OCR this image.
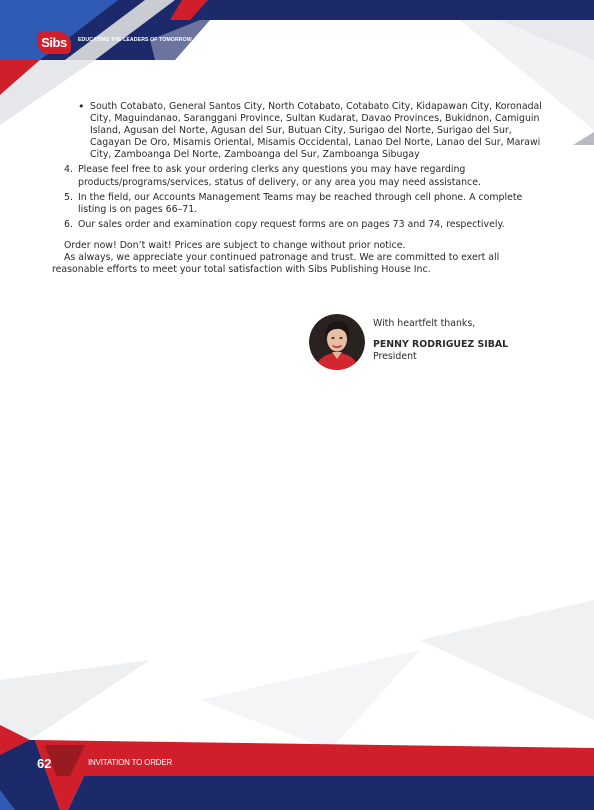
Sibs	EDUCATING THE LEADERS OF TOMORROW
• South Cotabato, General Santos City, North Cotabato, Cotabato City, Kidapawan City, Koronadal City, Maguindanao, Saranggani Province, Sultan Kudarat, Davao Provinces, Bukidnon, Camiguin Island, Agusan del Norte, Agusan del Sur, Butuan City, Surigao del Norte, Surigao del Sur, Cagayan De Oro, Misamis Oriental, Misamis Occidental, Lanao Del Norte, Lanao del Sur, Marawi City, Zamboanga Del Norte, Zamboanga del Sur, Zamboanga Sibugay
4. Please feel free to ask your ordering clerks any questions you may have regarding products/programs/services, status of delivery, or any area you may need assistance.
5. In the field, our Accounts Management Teams may be reached through cell phone. A complete listing is on pages 66–71.
6. Our sales order and examination copy request forms are on pages 73 and 74, respectively.

Order now! Don’t wait! Prices are subject to change without prior notice.

As always, we appreciate your continued patronage and trust. We are committed to exert all reasonable efforts to meet your total satisfaction with Sibs Publishing House Inc.

With heartfelt thanks,
PENNY RODRIGUEZ SIBAL
President
62	INVITATION TO ORDER
